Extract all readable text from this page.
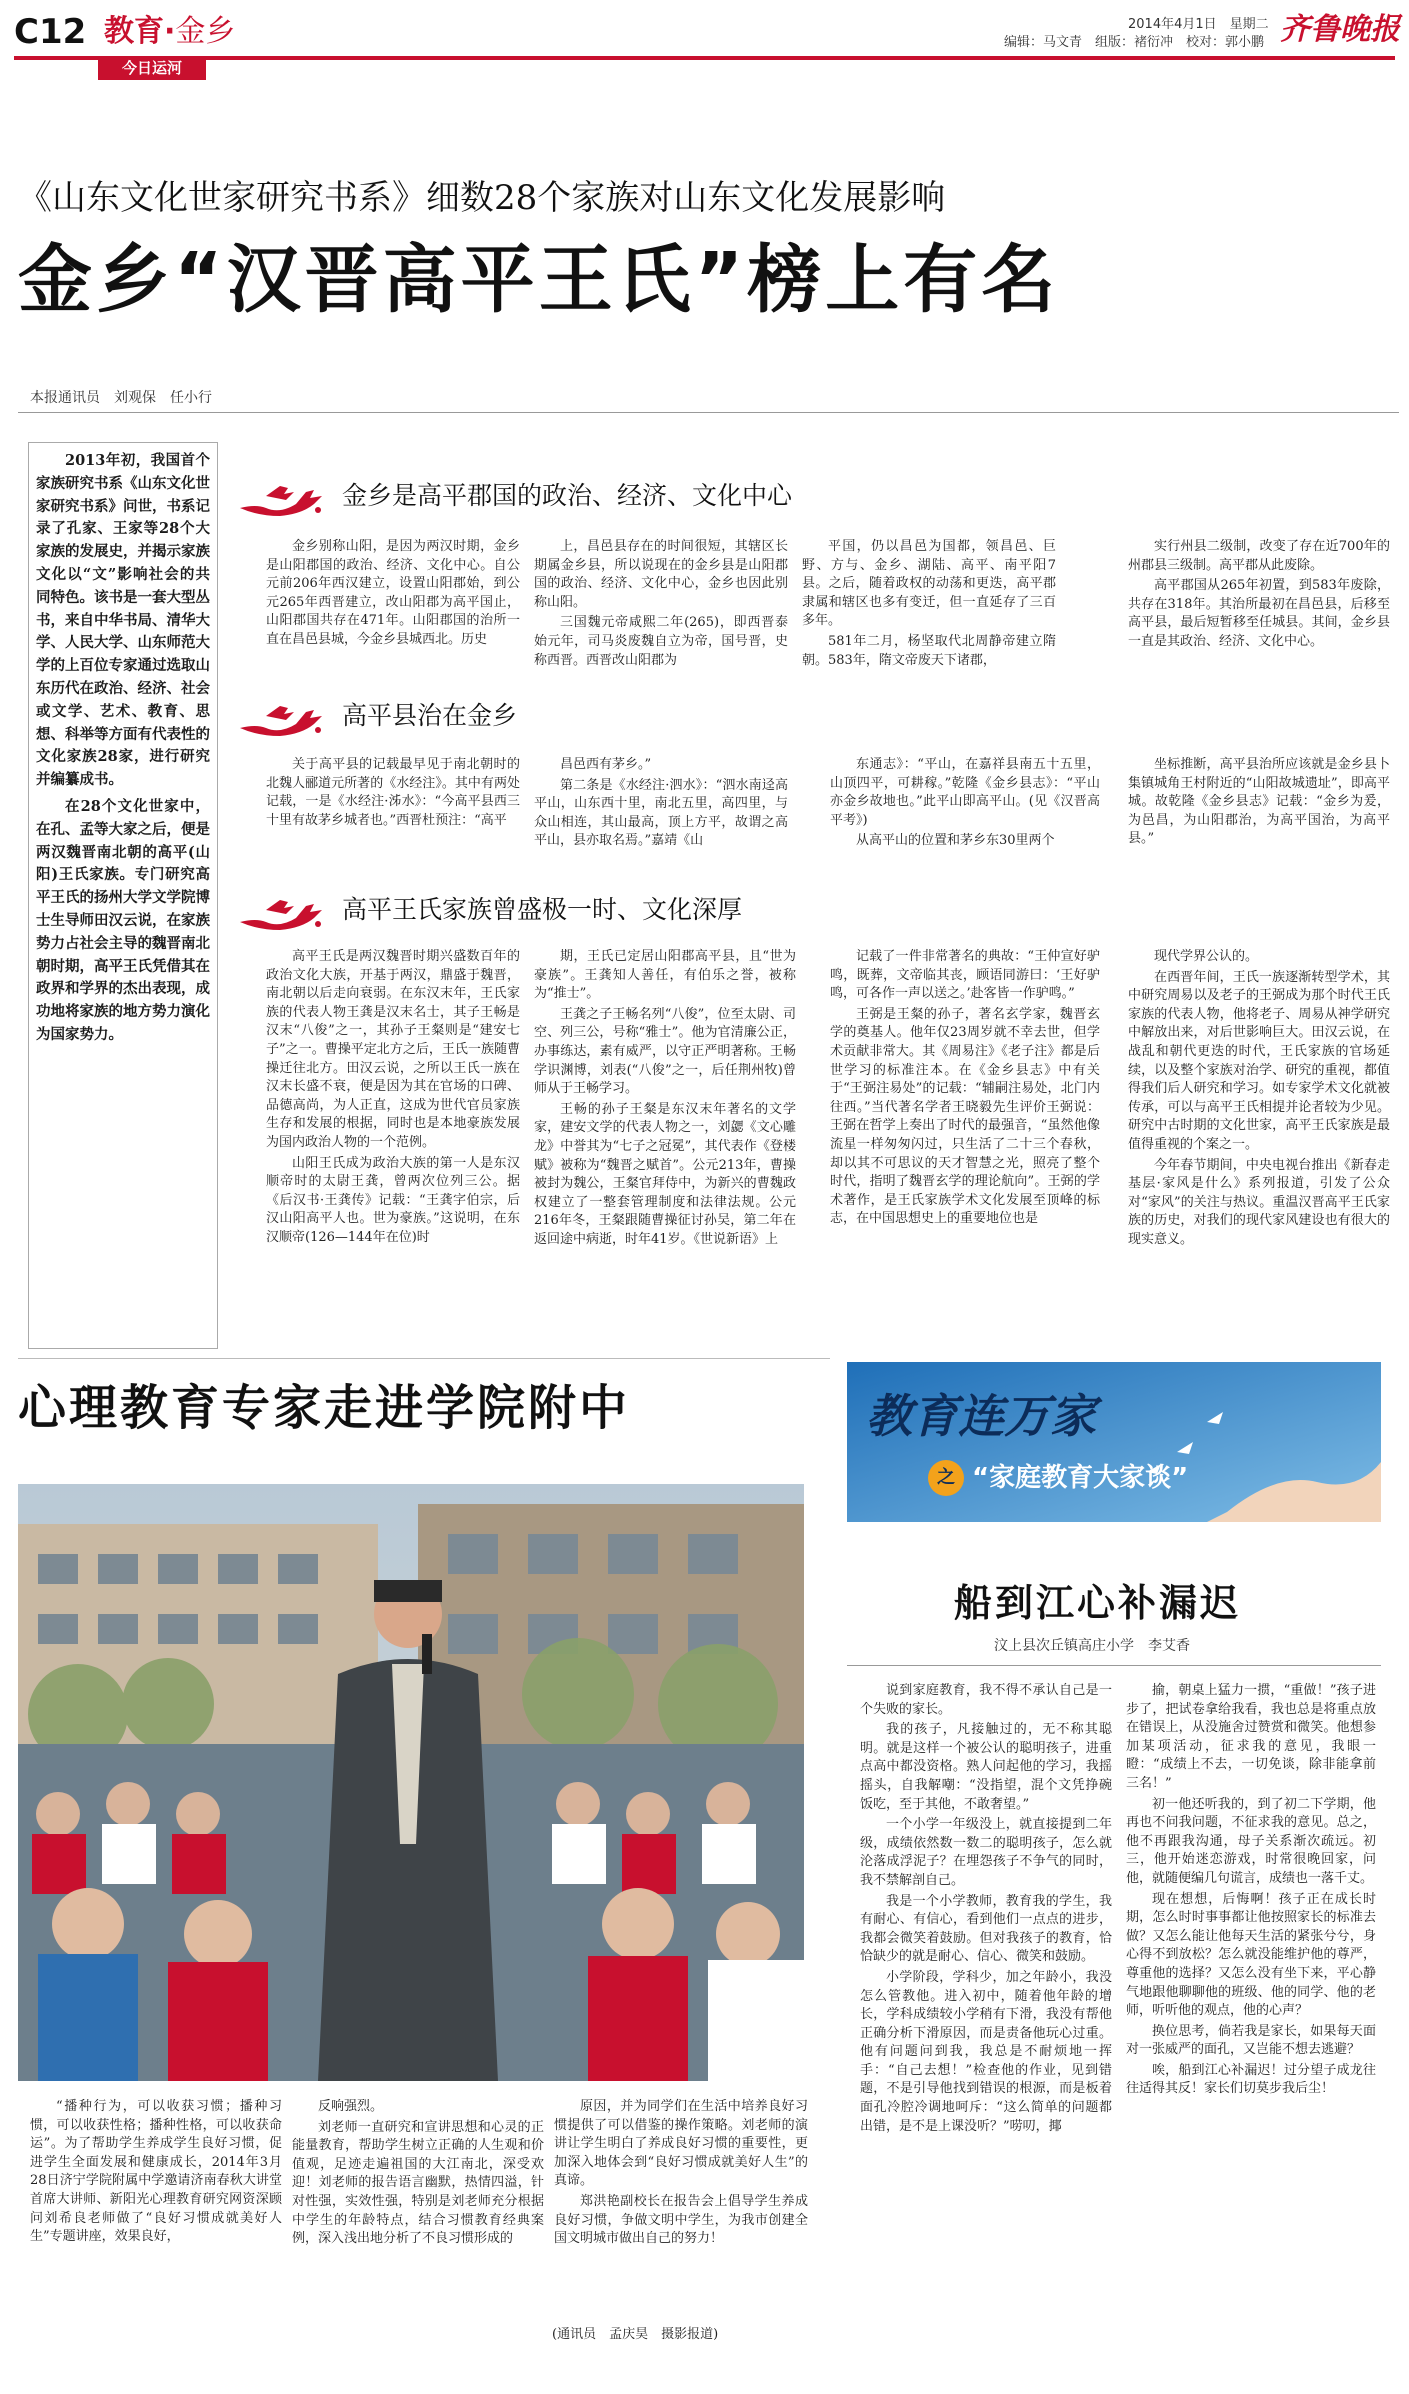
C12 教育·金乡
今日运河
2014年4月1日　星期二
编辑：马文青　组版：褚衍冲　校对：郭小鹏 齐鲁晚报
《山东文化世家研究书系》细数28个家族对山东文化发展影响
金乡“汉晋高平王氏”榜上有名
本报通讯员　刘观保　任小行

2013年初，我国首个家族研究书系《山东文化世家研究书系》问世，书系记录了孔家、王家等28个大家族的发展史，并揭示家族文化以“文”影响社会的共同特色。该书是一套大型丛书，来自中华书局、清华大学、人民大学、山东师范大学的上百位专家通过选取山东历代在政治、经济、社会或文学、艺术、教育、思想、科举等方面有代表性的文化家族28家，进行研究并编纂成书。

在28个文化世家中，在孔、孟等大家之后，便是两汉魏晋南北朝的高平(山阳)王氏家族。专门研究高平王氏的扬州大学文学院博士生导师田汉云说，在家族势力占社会主导的魏晋南北朝时期，高平王氏凭借其在政界和学界的杰出表现，成功地将家族的地方势力演化为国家势力。

金乡是高平郡国的政治、经济、文化中心

金乡别称山阳，是因为两汉时期，金乡是山阳郡国的政治、经济、文化中心。自公元前206年西汉建立，设置山阳郡始，到公元265年西晋建立，改山阳郡为高平国止，山阳郡国共存在471年。山阳郡国的治所一直在昌邑县城，今金乡县城西北。历史

上，昌邑县存在的时间很短，其辖区长期属金乡县，所以说现在的金乡县是山阳郡国的政治、经济、文化中心，金乡也因此别称山阳。

三国魏元帝咸熙二年(265)，即西晋泰始元年，司马炎废魏自立为帝，国号晋，史称西晋。西晋改山阳郡为

平国，仍以昌邑为国都，领昌邑、巨野、方与、金乡、湖陆、高平、南平阳7县。之后，随着政权的动荡和更迭，高平郡隶属和辖区也多有变迁，但一直延存了三百多年。

581年二月，杨坚取代北周静帝建立隋朝。583年，隋文帝废天下诸郡，

实行州县二级制，改变了存在近700年的州郡县三级制。高平郡从此废除。

高平郡国从265年初置，到583年废除，共存在318年。其治所最初在昌邑县，后移至高平县，最后短暂移至任城县。其间，金乡县一直是其政治、经济、文化中心。

高平县治在金乡

关于高平县的记载最早见于南北朝时的北魏人郦道元所著的《水经注》。其中有两处记载，一是《水经注·泲水》：“今高平县西三十里有故茅乡城者也。”西晋杜预注：“高平

昌邑西有茅乡。”

第二条是《水经注·泗水》：“泗水南迳高平山，山东西十里，南北五里，高四里，与众山相连，其山最高，顶上方平，故谓之高平山，县亦取名焉。”嘉靖《山

东通志》：“平山，在嘉祥县南五十五里，山顶四平，可耕稼。”乾隆《金乡县志》：“平山亦金乡故地也。”此平山即高平山。(见《汉晋高平考》)

从高平山的位置和茅乡东30里两个

坐标推断，高平县治所应该就是金乡县卜集镇城角王村附近的“山阳故城遗址”，即高平城。故乾隆《金乡县志》记载：“金乡为爰，为邑昌，为山阳郡治，为高平国治，为高平县。”

高平王氏家族曾盛极一时、文化深厚

高平王氏是两汉魏晋时期兴盛数百年的政治文化大族，开基于两汉，鼎盛于魏晋，南北朝以后走向衰弱。在东汉末年，王氏家族的代表人物王龚是汉末名士，其子王畅是汉末“八俊”之一，其孙子王粲则是“建安七子”之一。曹操平定北方之后，王氏一族随曹操迁往北方。田汉云说，之所以王氏一族在汉末长盛不衰，便是因为其在官场的口碑、品德高尚，为人正直，这成为世代官员家族生存和发展的根据，同时也是本地豪族发展为国内政治人物的一个范例。

山阳王氏成为政治大族的第一人是东汉顺帝时的太尉王龚，曾两次位列三公。据《后汉书·王龚传》记载：“王龚字伯宗，后汉山阳高平人也。世为豪族。”这说明，在东汉顺帝(126—144年在位)时

期，王氏已定居山阳郡高平县，且“世为豪族”。王龚知人善任，有伯乐之誉，被称为“推士”。

王龚之子王畅名列“八俊”，位至太尉、司空、列三公，号称“雅士”。他为官清廉公正，办事练达，素有威严，以守正严明著称。王畅学识渊博，刘表(“八俊”之一，后任荆州牧)曾师从于王畅学习。

王畅的孙子王粲是东汉末年著名的文学家，建安文学的代表人物之一，刘勰《文心雕龙》中誉其为“七子之冠冕”，其代表作《登楼赋》被称为“魏晋之赋首”。公元213年，曹操被封为魏公，王粲官拜侍中，为新兴的曹魏政权建立了一整套管理制度和法律法规。公元216年冬，王粲跟随曹操征讨孙吴，第二年在返回途中病逝，时年41岁。《世说新语》上

记载了一件非常著名的典故：“王仲宣好驴鸣，既葬，文帝临其丧，顾语同游曰：‘王好驴鸣，可各作一声以送之。’赴客皆一作驴鸣。”

王弼是王粲的孙子，著名玄学家，魏晋玄学的奠基人。他年仅23周岁就不幸去世，但学术贡献非常大。其《周易注》《老子注》都是后世学习的标准注本。在《金乡县志》中有关于“王弼注易处”的记载：“辅嗣注易处，北门内往西。”当代著名学者王晓毅先生评价王弼说：王弼在哲学上奏出了时代的最强音，“虽然他像流星一样匆匆闪过，只生活了二十三个春秋，却以其不可思议的天才智慧之光，照亮了整个时代，指明了魏晋玄学的理论航向”。王弼的学术著作，是王氏家族学术文化发展至顶峰的标志，在中国思想史上的重要地位也是

现代学界公认的。

在西晋年间，王氏一族逐渐转型学术，其中研究周易以及老子的王弼成为那个时代王氏家族的代表人物，他将老子、周易从神学研究中解放出来，对后世影响巨大。田汉云说，在战乱和朝代更迭的时代，王氏家族的官场延续，以及整个家族对治学、研究的重视，都值得我们后人研究和学习。如专家学术文化就被传承，可以与高平王氏相提并论者较为少见。研究中古时期的文化世家，高平王氏家族是最值得重视的个案之一。

今年春节期间，中央电视台推出《新春走基层·家风是什么》系列报道，引发了公众对“家风”的关注与热议。重温汉晋高平王氏家族的历史，对我们的现代家风建设也有很大的现实意义。

心理教育专家走进学院附中

“播种行为，可以收获习惯；播种习惯，可以收获性格；播种性格，可以收获命运”。为了帮助学生养成学生良好习惯，促进学生全面发展和健康成长，2014年3月28日济宁学院附属中学邀请济南春秋大讲堂首席大讲师、新阳光心理教育研究网资深顾问刘希良老师做了“良好习惯成就美好人生”专题讲座，效果良好，

反响强烈。

刘老师一直研究和宣讲思想和心灵的正能量教育，帮助学生树立正确的人生观和价值观，足迹走遍祖国的大江南北，深受欢迎！刘老师的报告语言幽默，热情四溢，针对性强，实效性强，特别是刘老师充分根据中学生的年龄特点，结合习惯教育经典案例，深入浅出地分析了不良习惯形成的

原因，并为同学们在生活中培养良好习惯提供了可以借鉴的操作策略。刘老师的演讲让学生明白了养成良好习惯的重要性，更加深入地体会到“良好习惯成就美好人生”的真谛。

郑洪艳副校长在报告会上倡导学生养成良好习惯，争做文明中学生，为我市创建全国文明城市做出自己的努力！

(通讯员　孟庆昊　摄影报道)
教育连万家
之 “家庭教育大家谈”
船到江心补漏迟
汶上县次丘镇高庄小学　李艾香

说到家庭教育，我不得不承认自己是一个失败的家长。

我的孩子，凡接触过的，无不称其聪明。就是这样一个被公认的聪明孩子，进重点高中都没资格。熟人问起他的学习，我摇摇头，自我解嘲：“没指望，混个文凭挣碗饭吃，至于其他，不敢奢望。”

一个小学一年级没上，就直接提到二年级，成绩依然数一数二的聪明孩子，怎么就沦落成浮泥子？在埋怨孩子不争气的同时，我不禁解剖自己。

我是一个小学教师，教育我的学生，我有耐心、有信心，看到他们一点点的进步，我都会微笑着鼓励。但对我孩子的教育，恰恰缺少的就是耐心、信心、微笑和鼓励。

小学阶段，学科少，加之年龄小，我没怎么管教他。进入初中，随着他年龄的增长，学科成绩较小学稍有下滑，我没有帮他正确分析下滑原因，而是责备他玩心过重。他有问题问到我，我总是不耐烦地一挥手：“自己去想！”检查他的作业，见到错题，不是引导他找到错误的根源，而是板着面孔冷腔冷调地呵斥：“这么简单的问题都出错，是不是上课没听？”唠叨，揶

揄，朝桌上猛力一掼，“重做！”孩子进步了，把试卷拿给我看，我也总是将重点放在错误上，从没施舍过赞赏和微笑。他想参加某项活动，征求我的意见，我眼一瞪：“成绩上不去，一切免谈，除非能拿前三名！”

初一他还听我的，到了初二下学期，他再也不问我问题，不征求我的意见。总之，他不再跟我沟通，母子关系渐次疏远。初三，他开始迷恋游戏，时常很晚回家，问他，就随便编几句谎言，成绩也一落千丈。

现在想想，后悔啊！孩子正在成长时期，怎么时时事事都让他按照家长的标准去做？又怎么能让他每天生活的紧张兮兮，身心得不到放松？怎么就没能维护他的尊严，尊重他的选择？又怎么没有坐下来，平心静气地跟他聊聊他的班级、他的同学、他的老师，听听他的观点，他的心声？

换位思考，倘若我是家长，如果每天面对一张威严的面孔，又岂能不想去逃避？

唉，船到江心补漏迟！过分望子成龙往往适得其反！家长们切莫步我后尘！
